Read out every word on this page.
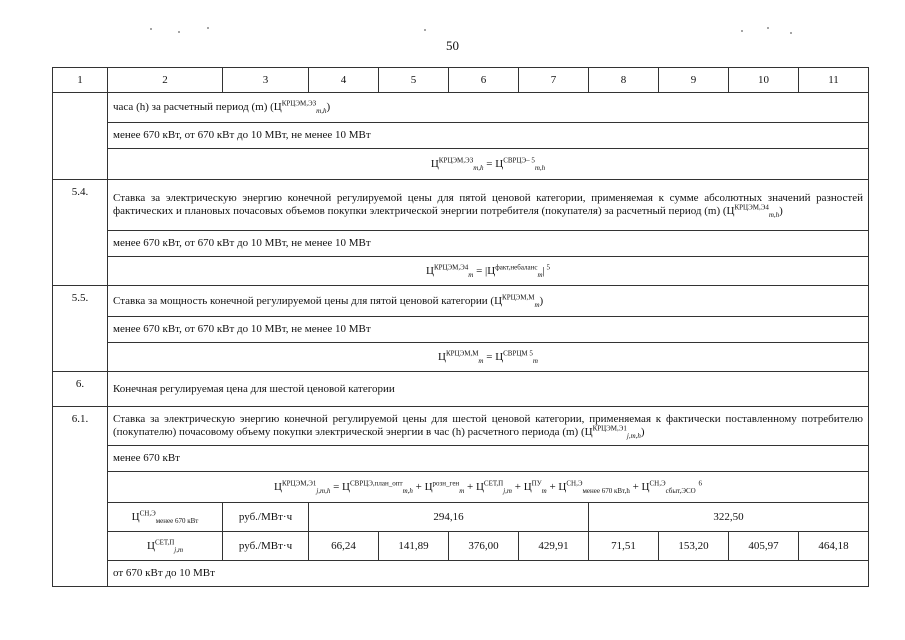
50
1	2	3	4	5	6	7	8	9	10	11
	часа (h) за расчетный период (m) $(Ц^{КРЦЭМ,ЭЗ}_{m,h})$									
	менее 670 кВт, от 670 кВт до 10 МВт, не менее 10 МВт									
	$Ц^{КРЦЭМ,ЭЗ}_{m,h} = Ц^{СВРЦЭ- 5}_{m,h}$
5.4.	Ставка за электрическую энергию конечной регулируемой цены для пятой ценовой категории, применяемая к сумме абсолютных значений разностей фактических и плановых почасовых объемов покупки электрической энергии потребителя (покупателя) за расчетный период (m) $(Ц^{КРЦЭМ,Э4}_{m,h})$									
	менее 670 кВт, от 670 кВт до 10 МВт, не менее 10 МВт									
	$Ц^{КРЦЭМ,Э4}_m = |Ц^{факт,небаланс}_m|$ $^5$
5.5.	Ставка за мощность конечной регулируемой цены для пятой ценовой категории $(Ц^{КРЦЭМ,М}_m)$									
	менее 670 кВт, от 670 кВт до 10 МВт, не менее 10 МВт									
	$Ц^{КРЦЭМ,М}_m = Ц^{СВРЦМ 5}_m$
6.	Конечная регулируемая цена для шестой ценовой категории									
6.1.	Ставка за электрическую энергию конечной регулируемой цены для шестой ценовой категории, применяемая к фактически поставленному потребителю (покупателю) почасовому объему покупки электрической энергии в час (h) расчетного периода (m) $(Ц^{КРЦЭМ,Э1}_{j,m,h})$									
	менее 670 кВт									
	$Ц^{КРЦЭМ,Э1}_{j,m,h} = Ц^{СВРЦЭ,план\_опт}_{m,h} + Ц^{розн\_ген}_m + Ц^{СЕТ,П}_{j,m} + Ц^{ПУ}_m + Ц^{СН,Э}_{менее 670 кВт,h} + Ц^{СН,Э}_{сбыт,ЭСО}$ $^6$
	$Ц^{СН,Э}_{менее 670 кВт}$	руб./МВт·ч	294,16				322,50			
	$Ц^{СЕТ,П}_{j,m}$	руб./МВт·ч	66,24	141,89	376,00	429,91	71,51	153,20	405,97	464,18
	от 670 кВт до 10 МВт									
